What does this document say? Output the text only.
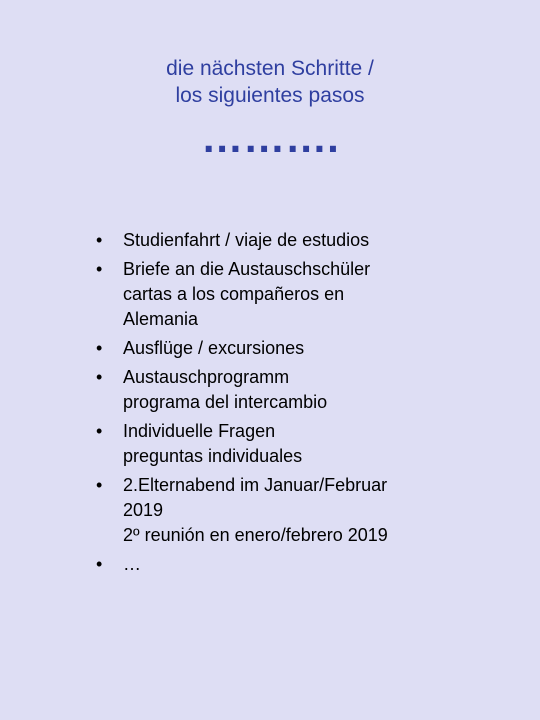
die nächsten Schritte /
los siguientes pasos
……….
• Studienfahrt / viaje de estudios
• Briefe an die Austauschschüler
cartas a los compañeros en
Alemania
• Ausflüge / excursiones
• Austauschprogramm
programa del intercambio
• Individuelle Fragen
preguntas individuales
• 2.Elternabend im Januar/Februar
2019
2º reunión en enero/febrero 2019
• …
